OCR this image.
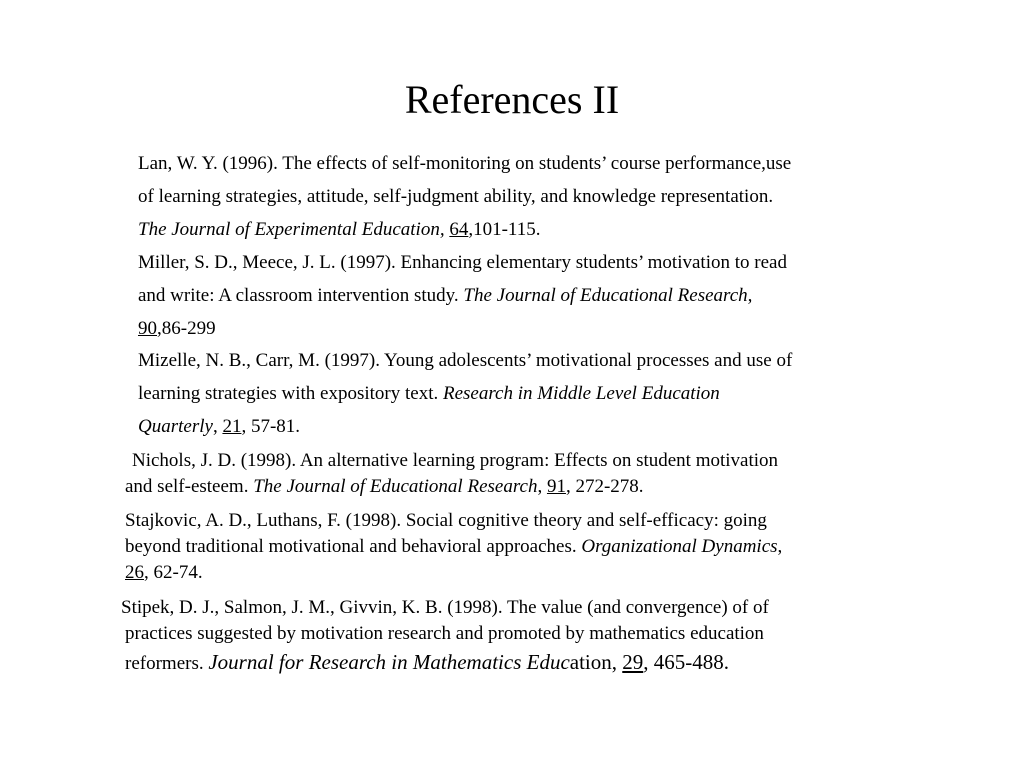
References II
Lan, W. Y. (1996). The effects of self-monitoring on students’ course performance,use
of learning strategies, attitude, self-judgment ability, and knowledge representation.
The Journal of Experimental Education, 64,101-115.
Miller, S. D., Meece, J. L. (1997). Enhancing elementary students’ motivation to read
and write: A classroom intervention study. The Journal of Educational Research,
90,86-299
Mizelle, N. B., Carr, M. (1997). Young adolescents’ motivational processes and use of
learning strategies with expository text. Research in Middle Level Education
Quarterly, 21, 57-81.
Nichols, J. D. (1998). An alternative learning program: Effects on student motivation
and self-esteem. The Journal of Educational Research, 91, 272-278.
Stajkovic, A. D., Luthans, F. (1998). Social cognitive theory and self-efficacy: going
beyond traditional motivational and behavioral approaches. Organizational Dynamics,
26, 62-74.
Stipek, D. J., Salmon, J. M., Givvin, K. B. (1998). The value (and convergence) of of
practices suggested by motivation research and promoted by mathematics education
reformers. Journal for Research in Mathematics Education, 29, 465-488.
